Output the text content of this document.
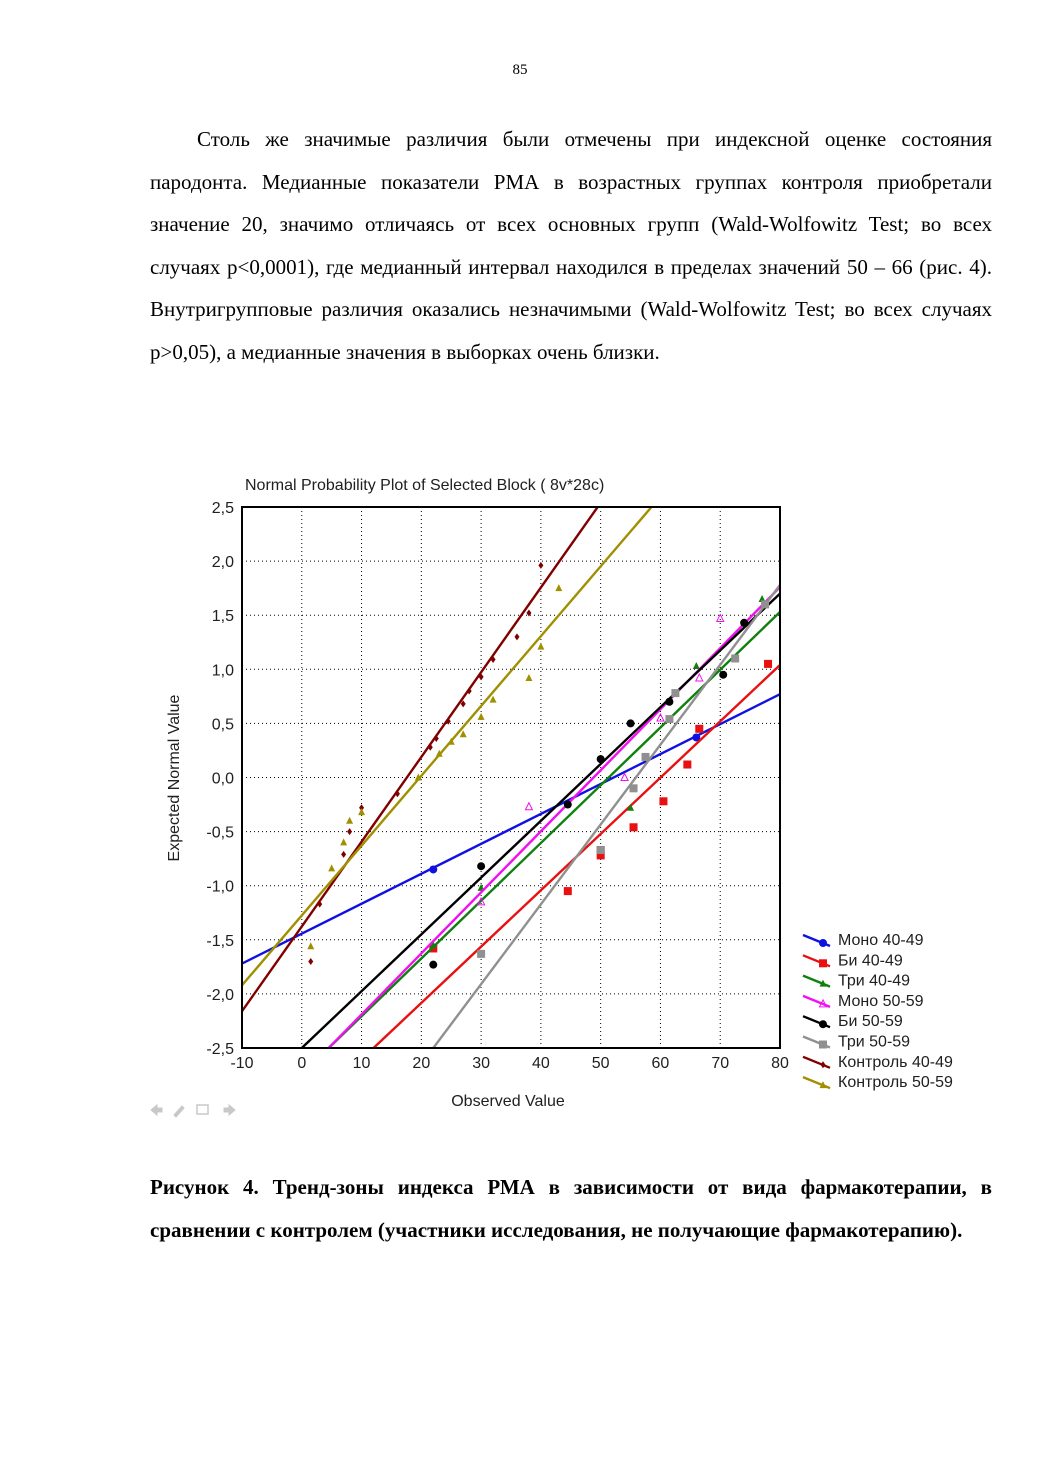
85

Столь же значимые различия были отмечены при индексной оценке состояния пародонта. Медианные показатели РМА в возрастных группах контроля приобретали значение 20, значимо отличаясь от всех основных групп (Wald-Wolfowitz Test; во всех случаях p<0,0001), где медианный интервал находился в пределах значений 50 – 66 (рис. 4). Внутригрупповые различия оказались незначимыми (Wald-Wolfowitz Test; во всех случаях p>0,05), а медианные значения в выборках очень близки.

Normal Probability Plot of Selected Block ( 8v*28c)
Observed Value
Expected Normal Value
-10	0	10	20	30	40	50	60	70	80
2,5
2,0
1,5
1,0
0,5
0,0
-0,5
-1,0
-1,5
-2,0
-2,5
Моно 40-49
Би 40-49
Три 40-49
Моно 50-59
Би 50-59
Три 50-59
Контроль 40-49
Контроль 50-59
Рисунок 4. Тренд-зоны индекса РМА в зависимости от вида фармакотерапии, в сравнении с контролем (участники исследования, не получающие фармакотерапию).
